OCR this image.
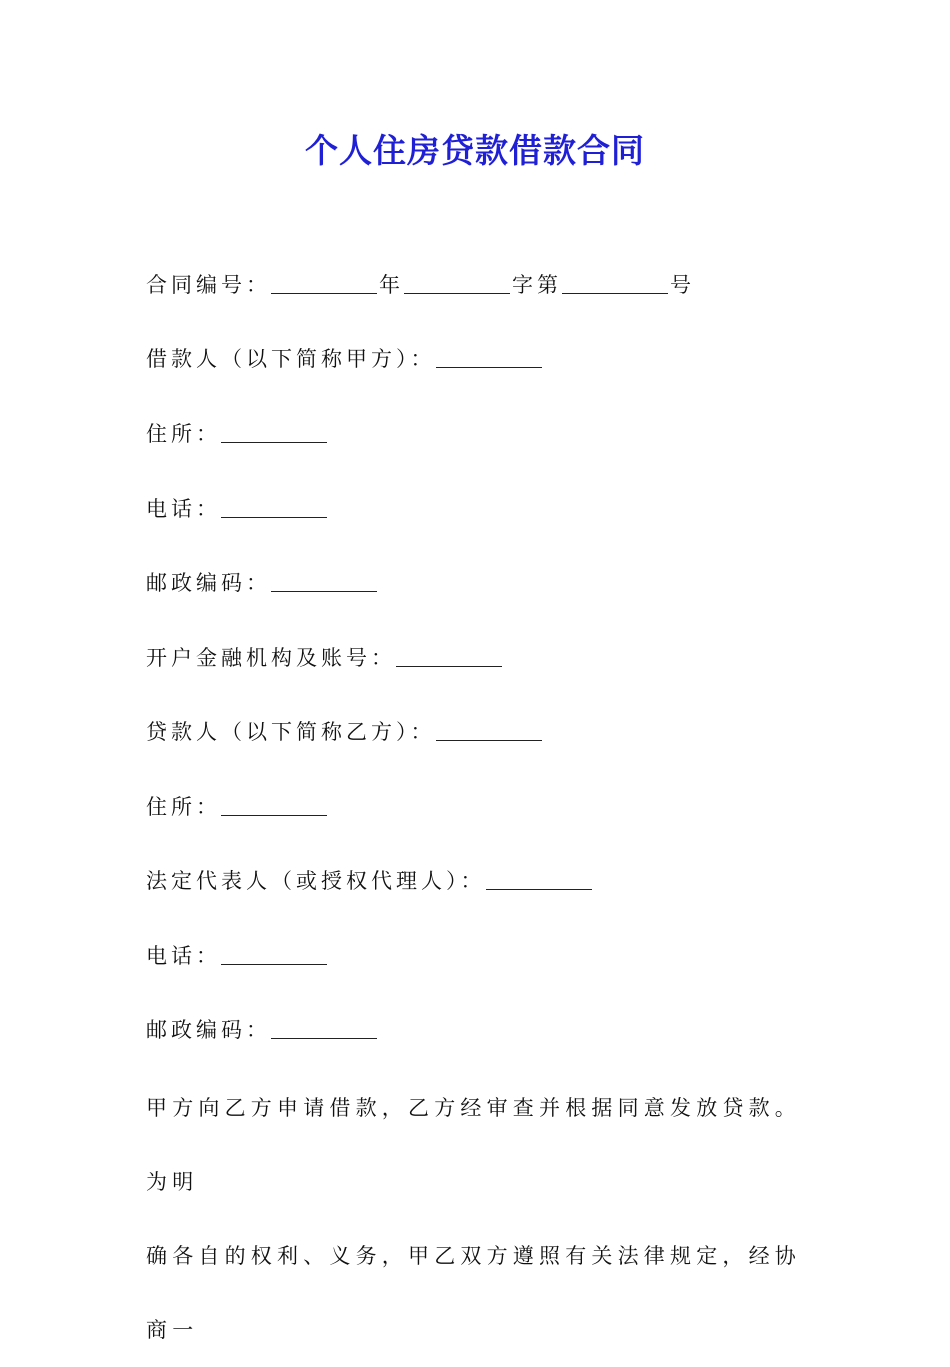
个人住房贷款借款合同
合同编号：	年	字第	号
借款人（以下简称甲方）：
住所：
电话：
邮政编码：
开户金融机构及账号：
贷款人（以下简称乙方）：
住所：
法定代表人（或授权代理人）：
电话：
邮政编码：
甲方向乙方申请借款，乙方经审查并根据同意发放贷款。为明
确各自的权利、义务，甲乙双方遵照有关法律规定，经协商一
